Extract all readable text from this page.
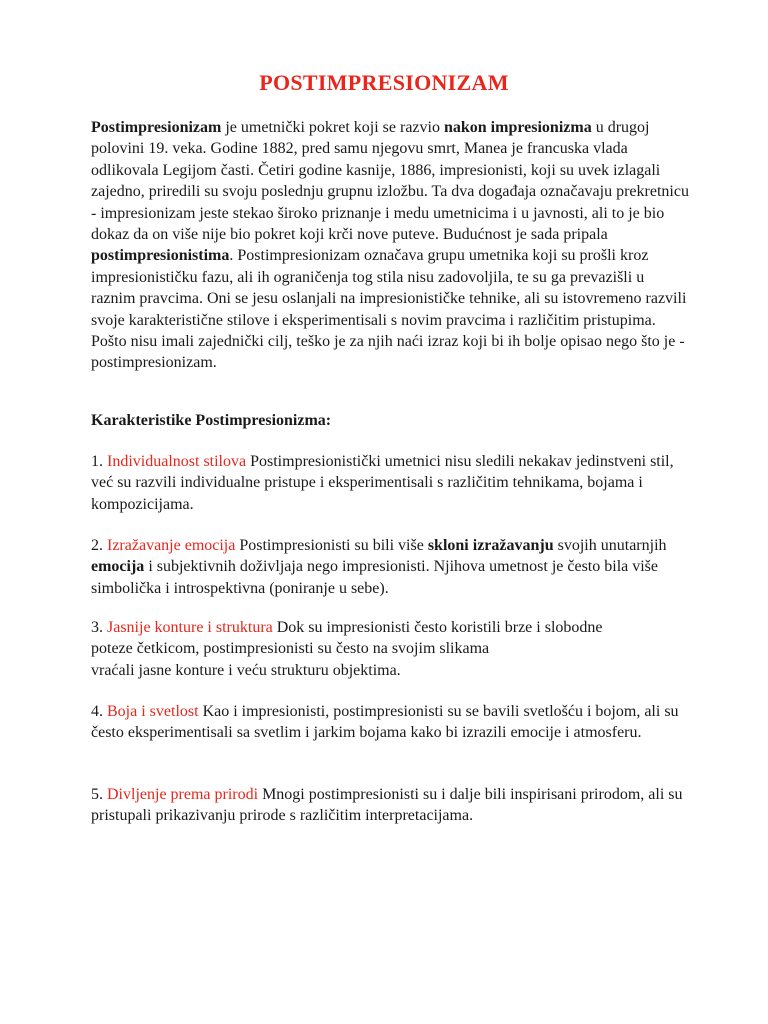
POSTIMPRESIONIZAM

Postimpresionizam je umetnički pokret koji se razvio nakon impresionizma u drugoj polovini 19. veka. Godine 1882, pred samu njegovu smrt, Manea je francuska vlada odlikovala Legijom časti. Četiri godine kasnije, 1886, impresionisti, koji su uvek izlagali zajedno, priredili su svoju poslednju grupnu izložbu. Ta dva događaja označavaju prekretnicu - impresionizam jeste stekao široko priznanje i medu umetnicima i u javnosti, ali to je bio dokaz da on više nije bio pokret koji krči nove puteve. Budućnost je sada pripala postimpresionistima. Postimpresionizam označava grupu umetnika koji su prošli kroz impresionističku fazu, ali ih ograničenja tog stila nisu zadovoljila, te su ga prevazišli u raznim pravcima. Oni se jesu oslanjali na impresionističke tehnike, ali su istovremeno razvili svoje karakteristične stilove i eksperimentisali s novim pravcima i različitim pristupima. Pošto nisu imali zajednički cilj, teško je za njih naći izraz koji bi ih bolje opisao nego što je - postimpresionizam.

Karakteristike Postimpresionizma:

1. Individualnost stilova Postimpresionistički umetnici nisu sledili nekakav jedinstveni stil, već su razvili individualne pristupe i eksperimentisali s različitim tehnikama, bojama i kompozicijama.

2. Izražavanje emocija Postimpresionisti su bili više skloni izražavanju svojih unutarnjih emocija i subjektivnih doživljaja nego impresionisti. Njihova umetnost je često bila više simbolička i introspektivna (poniranje u sebe).

3. Jasnije konture i struktura Dok su impresionisti često koristili brze i slobodne
poteze četkicom, postimpresionisti su često na svojim slikama
vraćali jasne konture i veću strukturu objektima.

4. Boja i svetlost Kao i impresionisti, postimpresionisti su se bavili svetlošću i bojom, ali su često eksperimentisali sa svetlim i jarkim bojama kako bi izrazili emocije i atmosferu.

5. Divljenje prema prirodi Mnogi postimpresionisti su i dalje bili inspirisani prirodom, ali su pristupali prikazivanju prirode s različitim interpretacijama.
